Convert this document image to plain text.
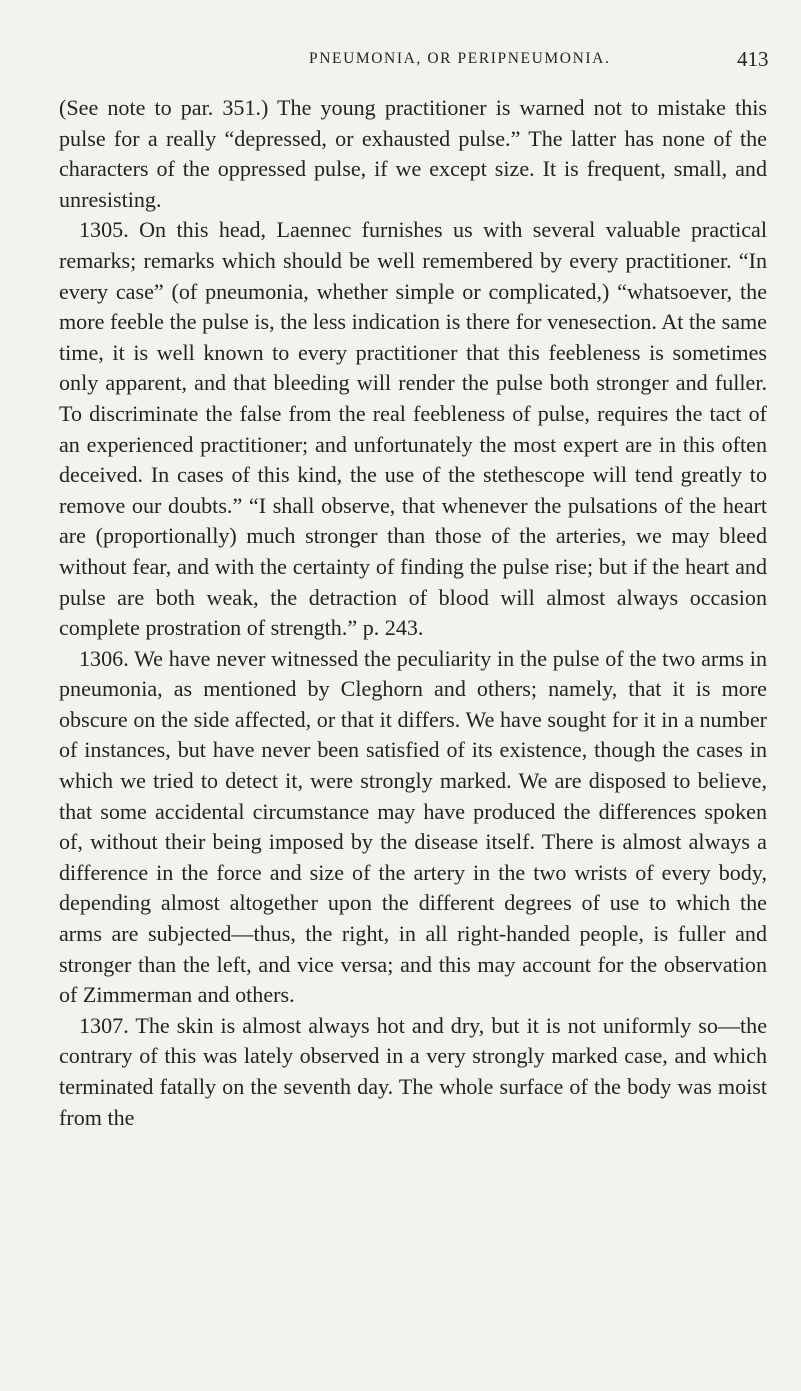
PNEUMONIA, OR PERIPNEUMONIA.	413

(See note to par. 351.) The young practitioner is warned not to mistake this pulse for a really “depressed, or exhausted pulse.” The latter has none of the characters of the oppressed pulse, if we except size. It is frequent, small, and unresisting.

1305. On this head, Laennec furnishes us with several valuable practical remarks; remarks which should be well remembered by every practitioner. “In every case” (of pneumonia, whether simple or complicated,) “whatsoever, the more feeble the pulse is, the less indication is there for venesection. At the same time, it is well known to every practitioner that this feebleness is sometimes only apparent, and that bleeding will render the pulse both stronger and fuller. To discriminate the false from the real feebleness of pulse, requires the tact of an experienced practitioner; and unfortunately the most expert are in this often deceived. In cases of this kind, the use of the stethescope will tend greatly to remove our doubts.” “I shall observe, that whenever the pulsations of the heart are (proportionally) much stronger than those of the arteries, we may bleed without fear, and with the certainty of finding the pulse rise; but if the heart and pulse are both weak, the detraction of blood will almost always occasion complete prostration of strength.” p. 243.

1306. We have never witnessed the peculiarity in the pulse of the two arms in pneumonia, as mentioned by Cleghorn and others; namely, that it is more obscure on the side affected, or that it differs. We have sought for it in a number of instances, but have never been satisfied of its existence, though the cases in which we tried to detect it, were strongly marked. We are disposed to believe, that some accidental circumstance may have produced the differences spoken of, without their being imposed by the disease itself. There is almost always a difference in the force and size of the artery in the two wrists of every body, depending almost altogether upon the different degrees of use to which the arms are subjected—thus, the right, in all right-handed people, is fuller and stronger than the left, and vice versa; and this may account for the observation of Zimmerman and others.

1307. The skin is almost always hot and dry, but it is not uniformly so—the contrary of this was lately observed in a very strongly marked case, and which terminated fatally on the seventh day. The whole surface of the body was moist from the
